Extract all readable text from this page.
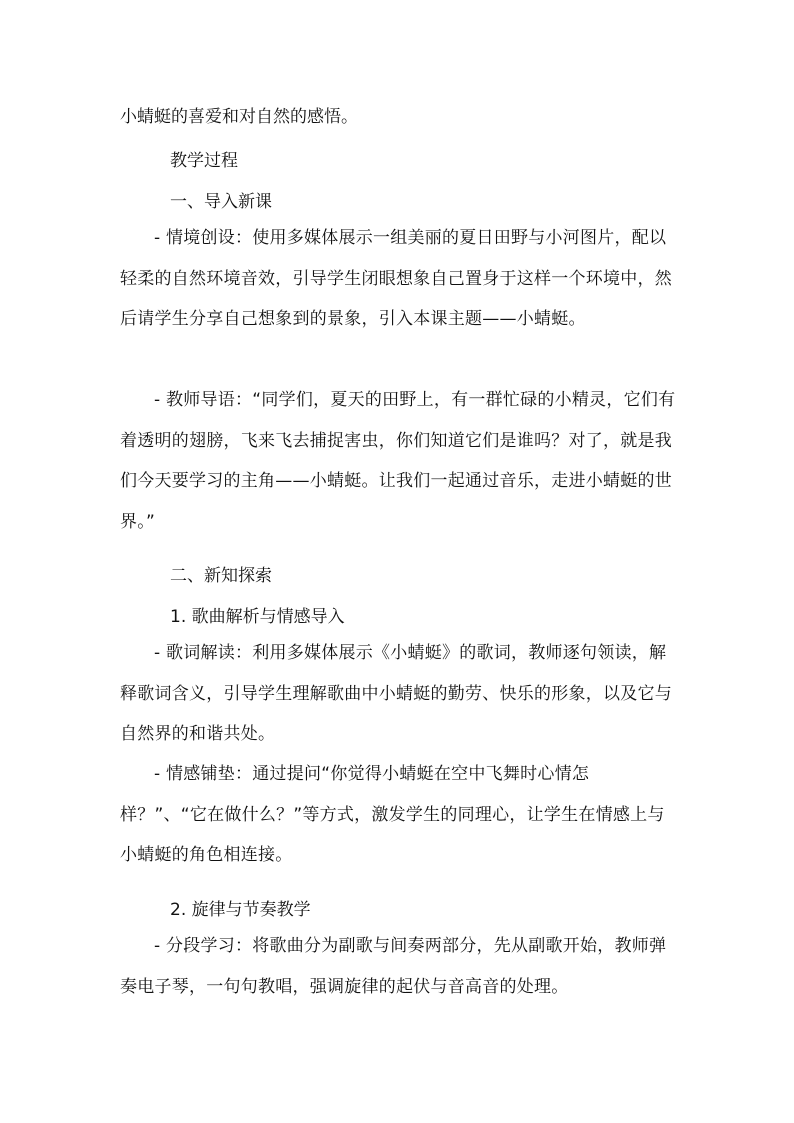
小蜻蜓的喜爱和对自然的感悟。
教学过程
一、导入新课
- 情境创设：使用多媒体展示一组美丽的夏日田野与小河图片，配以轻柔的自然环境音效，引导学生闭眼想象自己置身于这样一个环境中，然后请学生分享自己想象到的景象，引入本课主题——小蜻蜓。
- 教师导语：“同学们，夏天的田野上，有一群忙碌的小精灵，它们有着透明的翅膀，飞来飞去捕捉害虫，你们知道它们是谁吗？对了，就是我们今天要学习的主角——小蜻蜓。让我们一起通过音乐，走进小蜻蜓的世界。”
二、新知探索
1. 歌曲解析与情感导入
- 歌词解读：利用多媒体展示《小蜻蜓》的歌词，教师逐句领读，解释歌词含义，引导学生理解歌曲中小蜻蜓的勤劳、快乐的形象，以及它与自然界的和谐共处。
- 情感铺垫：通过提问“你觉得小蜻蜓在空中飞舞时心情怎样？”、“它在做什么？”等方式，激发学生的同理心，让学生在情感上与小蜻蜓的角色相连接。
2. 旋律与节奏教学
- 分段学习：将歌曲分为副歌与间奏两部分，先从副歌开始，教师弹奏电子琴，一句句教唱，强调旋律的起伏与音高音的处理。
